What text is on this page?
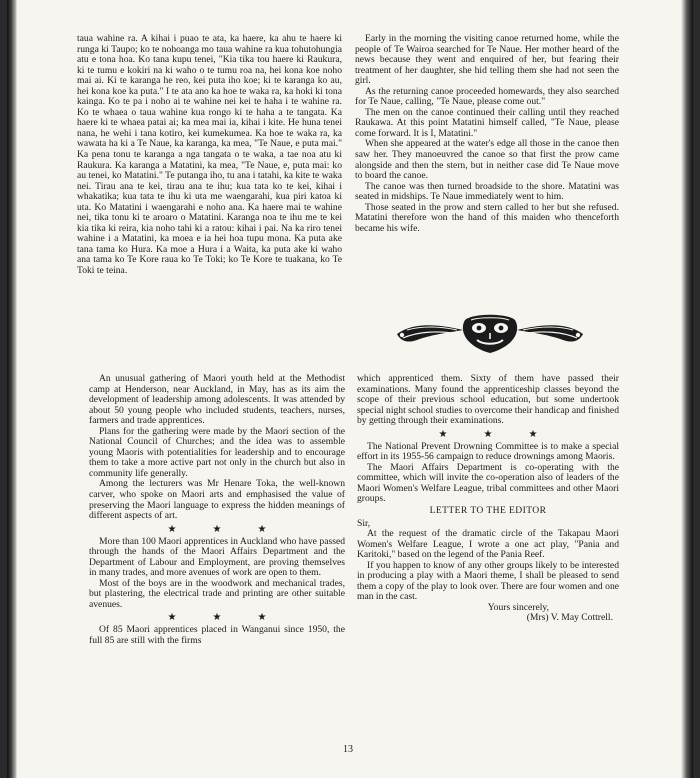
taua wahine ra. A kihai i puao te ata, ka haere, ka ahu te haere ki runga ki Taupo; ko te nohoanga mo taua wahine ra kua tohutohungia atu e tona hoa. Ko tana kupu tenei, "Kia tika tou haere ki Raukura, ki te tumu e kokiri na ki waho o te tumu roa na, hei kona koe noho mai ai. Ki te karanga he reo, kei puta iho koe; ki te karanga ko au, hei kona koe ka puta." I te ata ano ka hoe te waka ra, ka hoki ki tona kainga. Ko te pa i noho ai te wahine nei kei te haha i te wahine ra. Ko te whaea o taua wahine kua rongo ki te haha a te tangata. Ka haere ki te whaea patai ai; ka mea mai ia, kihai i kite. He huna tenei nana, he wehi i tana kotiro, kei kumekumea. Ka hoe te waka ra, ka wawata ha ki a Te Naue, ka karanga, ka mea, "Te Naue, e puta mai." Ka pena tonu te karanga a nga tangata o te waka, a tae noa atu ki Raukura. Ka karanga a Matatini, ka mea, "Te Naue, e, puta mai: ko au tenei, ko Matatini." Te putanga iho, tu ana i tatahi, ka kite te waka nei. Tirau ana te kei, tirau ana te ihu; kua tata ko te kei, kihai i whakatika; kua tata te ihu ki uta me waengarahi, kua piri katoa ki uta. Ko Matatini i waengarahi e noho ana. Ka haere mai te wahine nei, tika tonu ki te aroaro o Matatini. Karanga noa te ihu me te kei kia tika ki reira, kia noho tahi ki a ratou: kihai i pai. Na ka riro tenei wahine i a Matatini, ka moea e ia hei hoa tupu mona. Ka puta ake tana tama ko Hura. Ka moe a Hura i a Waita, ka puta ake ki waho ana tama ko Te Kore raua ko Te Toki; ko Te Kore te tuakana, ko Te Toki te teina.

Early in the morning the visiting canoe returned home, while the people of Te Wairoa searched for Te Naue. Her mother heard of the news because they went and enquired of her, but fearing their treatment of her daughter, she hid telling them she had not seen the girl.

As the returning canoe proceeded homewards, they also searched for Te Naue, calling, "Te Naue, please come out."

The men on the canoe continued their calling until they reached Raukawa. At this point Matatini himself called, "Te Naue, please come forward. It is I, Matatini."

When she appeared at the water's edge all those in the canoe then saw her. They manoeuvred the canoe so that first the prow came alongside and then the stern, but in neither case did Te Naue move to board the canoe.

The canoe was then turned broadside to the shore. Matatini was seated in midships. Te Naue immediately went to him.

Those seated in the prow and stern called to her but she refused. Matatini therefore won the hand of this maiden who thenceforth became his wife.

An unusual gathering of Maori youth held at the Methodist camp at Henderson, near Auckland, in May, has as its aim the development of leadership among adolescents. It was attended by about 50 young people who included students, teachers, nurses, farmers and trade apprentices.

Plans for the gathering were made by the Maori section of the National Council of Churches; and the idea was to assemble young Maoris with potentialities for leadership and to encourage them to take a more active part not only in the church but also in community life generally.

Among the lecturers was Mr Henare Toka, the well-known carver, who spoke on Maori arts and emphasised the value of preserving the Maori language to express the hidden meanings of different aspects of art.

★	★	★

More than 100 Maori apprentices in Auckland who have passed through the hands of the Maori Affairs Department and the Department of Labour and Employment, are proving themselves in many trades, and more avenues of work are open to them.

Most of the boys are in the woodwork and mechanical trades, but plastering, the electrical trade and printing are other suitable avenues.

★	★	★

Of 85 Maori apprentices placed in Wanganui since 1950, the full 85 are still with the firms

which apprenticed them. Sixty of them have passed their examinations. Many found the apprenticeship classes beyond the scope of their previous school education, but some undertook special night school studies to overcome their handicap and finished by getting through their examinations.

★	★	★

The National Prevent Drowning Committee is to make a special effort in its 1955-56 campaign to reduce drownings among Maoris.

The Maori Affairs Department is co-operating with the committee, which will invite the co-operation also of leaders of the Maori Women's Welfare League, tribal committees and other Maori groups.

LETTER TO THE EDITOR

Sir,

At the request of the dramatic circle of the Takapau Maori Women's Welfare League, I wrote a one act play, "Pania and Karitoki," based on the legend of the Pania Reef.

If you happen to know of any other groups likely to be interested in producing a play with a Maori theme, I shall be pleased to send them a copy of the play to look over. There are four women and one man in the cast.

Yours sincerely,

(Mrs) V. May Cottrell.

13
